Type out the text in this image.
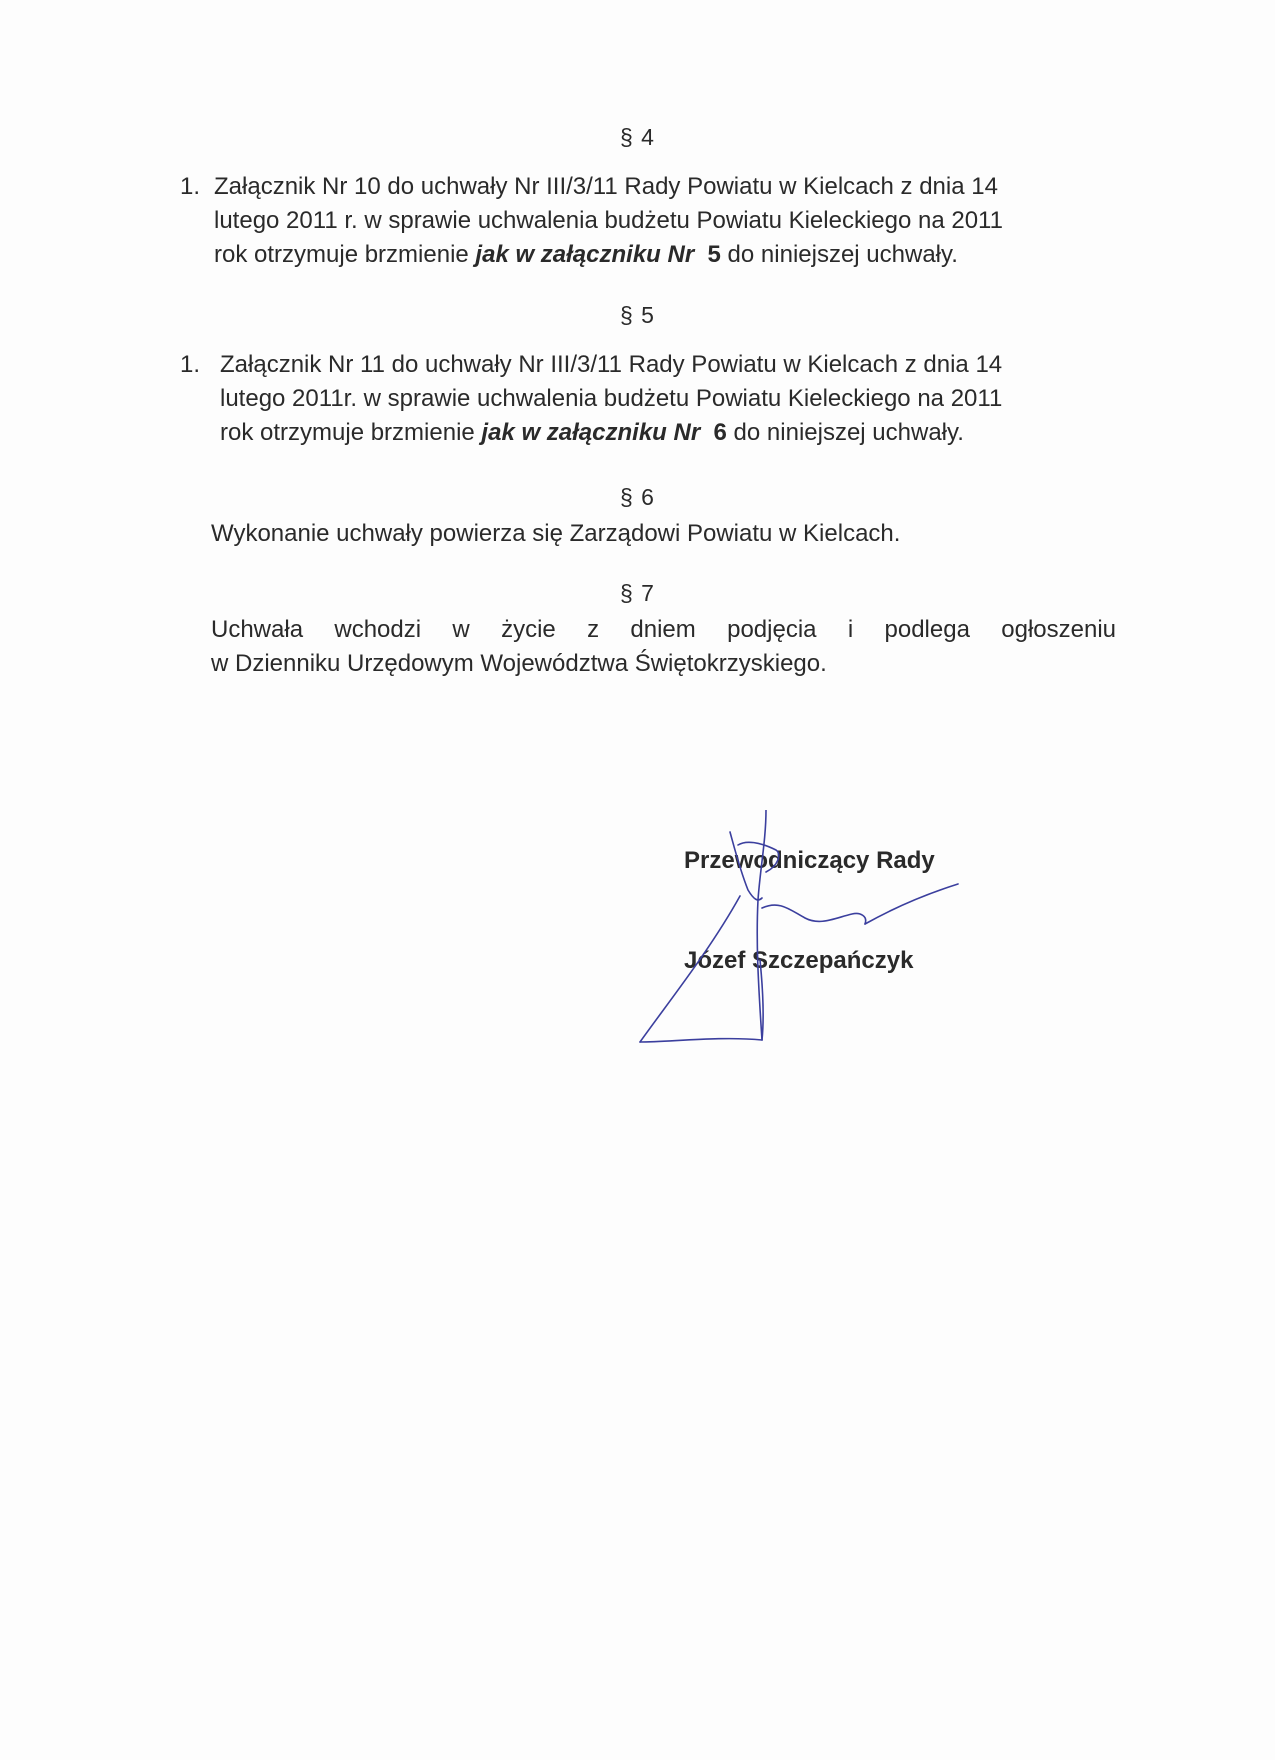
§ 4
1. Załącznik Nr 10 do uchwały Nr III/3/11 Rady Powiatu w Kielcach z dnia 14
lutego 2011 r. w sprawie uchwalenia budżetu Powiatu Kieleckiego na 2011
rok otrzymuje brzmienie jak w załączniku Nr 5 do niniejszej uchwały.
§ 5
1. Załącznik Nr 11 do uchwały Nr III/3/11 Rady Powiatu w Kielcach z dnia 14
lutego 2011r. w sprawie uchwalenia budżetu Powiatu Kieleckiego na 2011
rok otrzymuje brzmienie jak w załączniku Nr 6 do niniejszej uchwały.
§ 6
Wykonanie uchwały powierza się Zarządowi Powiatu w Kielcach.
§ 7
Uchwała wchodzi w życie z dniem podjęcia i podlega ogłoszeniu
w Dzienniku Urzędowym Województwa Świętokrzyskiego.
Przewodniczący Rady
Józef Szczepańczyk
